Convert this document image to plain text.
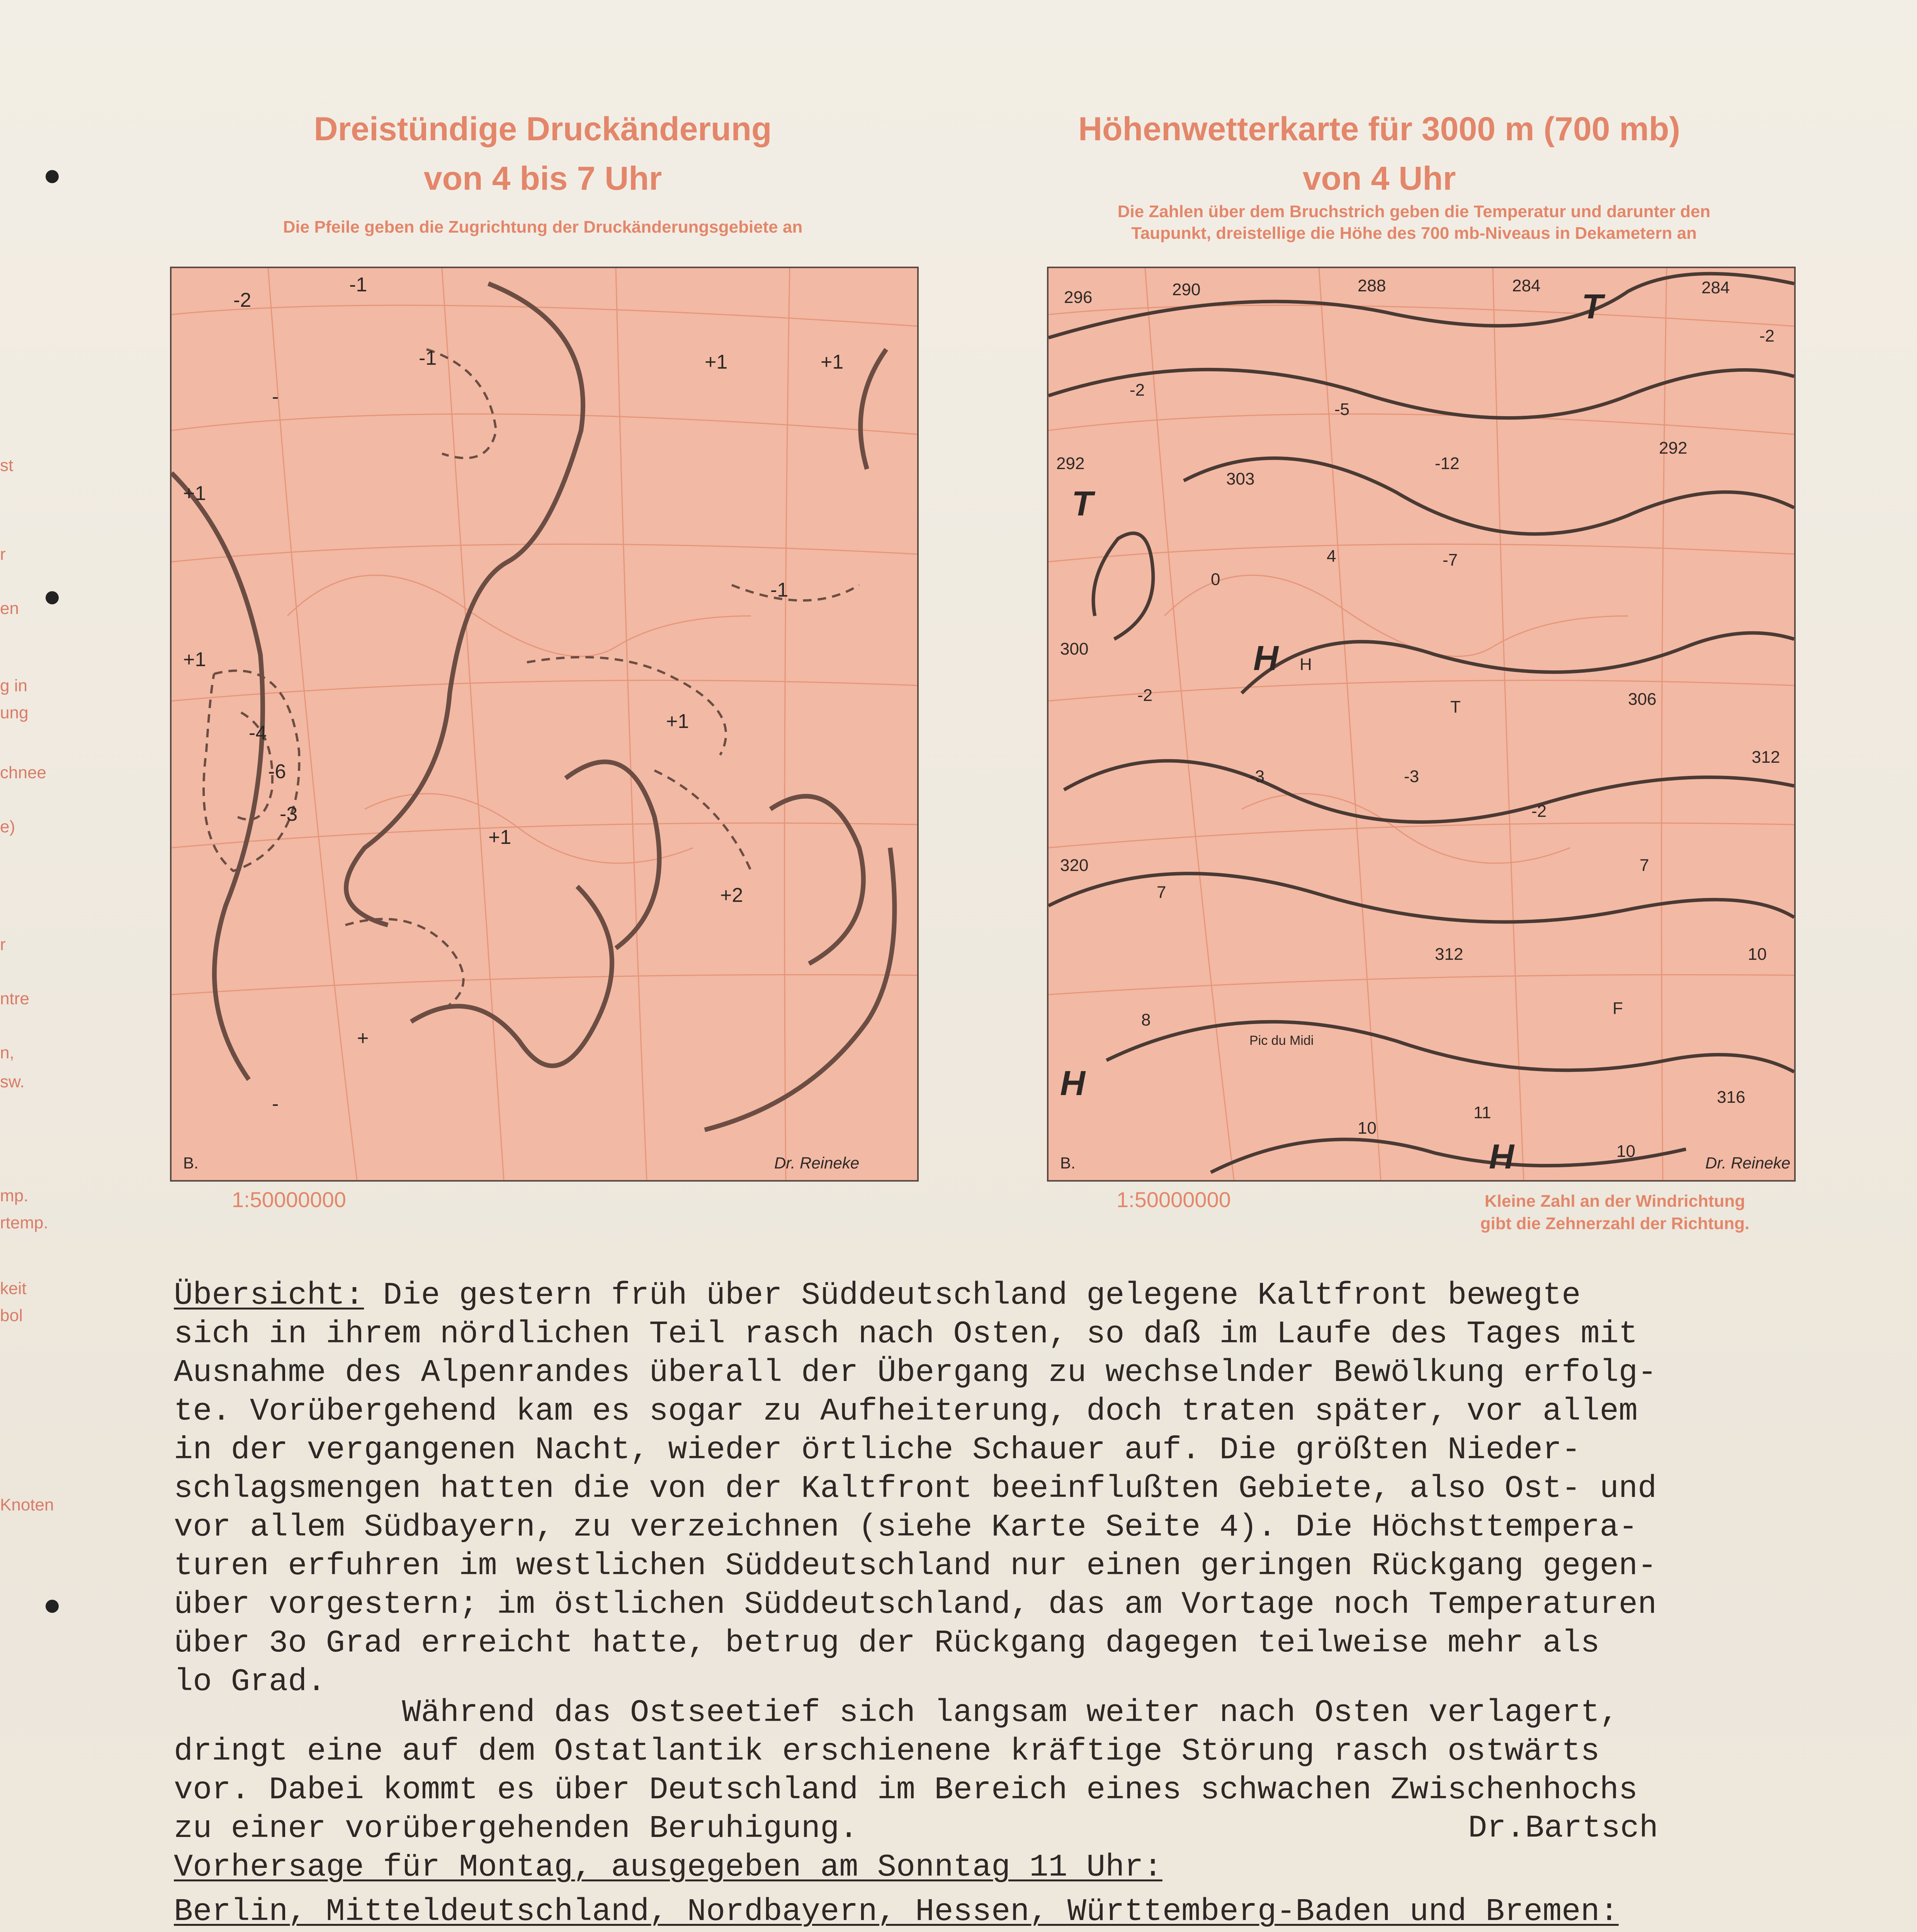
st
r
en
g in
ung
chnee
e)
r
ntre
n,
sw.
mp.
rtemp.
keit
bol
Knoten
Dreistündige Druckänderung
von 4 bis 7 Uhr
Die Pfeile geben die Zugrichtung der Druckänderungsgebiete an
-2
-1
-1	+1
+1
+1
-4
-6
-3
+1
+2
+1
+
-
-
+1
-1
B.	Dr. Reineke
1:50000000
Höhenwetterkarte für 3000 m (700 mb)
von 4 Uhr
Die Zahlen über dem Bruchstrich geben die Temperatur und darunter den
Taupunkt, dreistellige die Höhe des 700 mb-Niveaus in Dekametern an
296	290	288	284	284
-2
292
-2
303
-5
-12
292
0
4	-7
300
-2
H
T	306
312
-3	-3
-2
320
7
312
7
10
8
F
316
10
11
10
T
H
T
H
H
Pic du Midi
B.	Dr. Reineke
1:50000000	Kleine Zahl an der Windrichtung
gibt die Zehnerzahl der Richtung.
Übersicht: Die gestern früh über Süddeutschland gelegene Kaltfront bewegte
sich in ihrem nördlichen Teil rasch nach Osten, so daß im Laufe des Tages mit
Ausnahme des Alpenrandes überall der Übergang zu wechselnder Bewölkung erfolg-
te. Vorübergehend kam es sogar zu Aufheiterung, doch traten später, vor allem
in der vergangenen Nacht, wieder örtliche Schauer auf. Die größten Nieder-
schlagsmengen hatten die von der Kaltfront beeinflußten Gebiete, also Ost- und
vor allem Südbayern, zu verzeichnen (siehe Karte Seite 4). Die Höchsttempera-
turen erfuhren im westlichen Süddeutschland nur einen geringen Rückgang gegen-
über vorgestern; im östlichen Süddeutschland, das am Vortage noch Temperaturen
über 3o Grad erreicht hatte, betrug der Rückgang dagegen teilweise mehr als
lo Grad.
Während das Ostseetief sich langsam weiter nach Osten verlagert,
dringt eine auf dem Ostatlantik erschienene kräftige Störung rasch ostwärts
vor. Dabei kommt es über Deutschland im Bereich eines schwachen Zwischenhochs
zu einer vorübergehenden Beruhigung.	Dr.Bartsch
Vorhersage für Montag, ausgegeben am Sonntag 11 Uhr:
Berlin, Mitteldeutschland, Nordbayern, Hessen, Württemberg-Baden und Bremen:
